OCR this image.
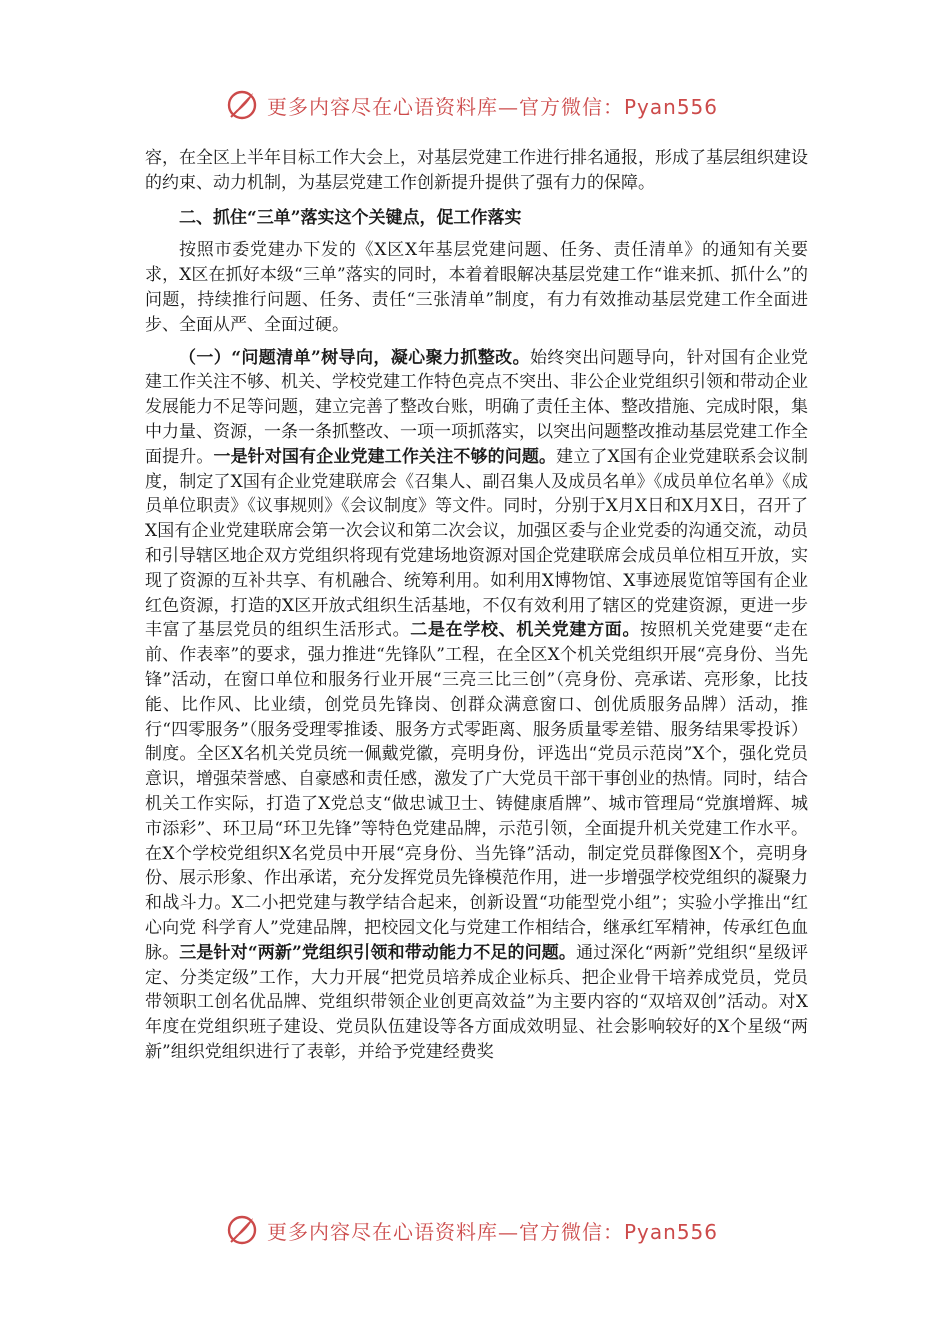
更多内容尽在心语资料库—官方微信：Pyan556

容，在全区上半年目标工作大会上，对基层党建工作进行排名通报，形成了基层组织建设的约束、动力机制，为基层党建工作创新提升提供了强有力的保障。

二、抓住“三单”落实这个关键点，促工作落实

按照市委党建办下发的《X区X年基层党建问题、任务、责任清单》的通知有关要求，X区在抓好本级“三单”落实的同时，本着着眼解决基层党建工作“谁来抓、抓什么”的问题，持续推行问题、任务、责任“三张清单”制度，有力有效推动基层党建工作全面进步、全面从严、全面过硬。

（一）“问题清单”树导向，凝心聚力抓整改。始终突出问题导向，针对国有企业党建工作关注不够、机关、学校党建工作特色亮点不突出、非公企业党组织引领和带动企业发展能力不足等问题，建立完善了整改台账，明确了责任主体、整改措施、完成时限，集中力量、资源，一条一条抓整改、一项一项抓落实，以突出问题整改推动基层党建工作全面提升。一是针对国有企业党建工作关注不够的问题。建立了X国有企业党建联系会议制度，制定了X国有企业党建联席会《召集人、副召集人及成员名单》《成员单位名单》《成员单位职责》《议事规则》《会议制度》等文件。同时，分别于X月X日和X月X日，召开了X国有企业党建联席会第一次会议和第二次会议，加强区委与企业党委的沟通交流，动员和引导辖区地企双方党组织将现有党建场地资源对国企党建联席会成员单位相互开放，实现了资源的互补共享、有机融合、统筹利用。如利用X博物馆、X事迹展览馆等国有企业红色资源，打造的X区开放式组织生活基地，不仅有效利用了辖区的党建资源，更进一步丰富了基层党员的组织生活形式。二是在学校、机关党建方面。按照机关党建要“走在前、作表率”的要求，强力推进“先锋队”工程，在全区X个机关党组织开展“亮身份、当先锋”活动，在窗口单位和服务行业开展“三亮三比三创”（亮身份、亮承诺、亮形象，比技能、比作风、比业绩，创党员先锋岗、创群众满意窗口、创优质服务品牌）活动，推行“四零服务”（服务受理零推诿、服务方式零距离、服务质量零差错、服务结果零投诉）制度。全区X名机关党员统一佩戴党徽，亮明身份，评选出“党员示范岗”X个，强化党员意识，增强荣誉感、自豪感和责任感，激发了广大党员干部干事创业的热情。同时，结合机关工作实际，打造了X党总支“做忠诚卫士、铸健康盾牌”、城市管理局“党旗增辉、城市添彩”、环卫局“环卫先锋”等特色党建品牌，示范引领，全面提升机关党建工作水平。在X个学校党组织X名党员中开展“亮身份、当先锋”活动，制定党员群像图X个，亮明身份、展示形象、作出承诺，充分发挥党员先锋模范作用，进一步增强学校党组织的凝聚力和战斗力。X二小把党建与教学结合起来，创新设置“功能型党小组”；实验小学推出“红心向党 科学育人”党建品牌，把校园文化与党建工作相结合，继承红军精神，传承红色血脉。三是针对“两新”党组织引领和带动能力不足的问题。通过深化“两新”党组织“星级评定、分类定级”工作，大力开展“把党员培养成企业标兵、把企业骨干培养成党员，党员带领职工创名优品牌、党组织带领企业创更高效益”为主要内容的“双培双创”活动。对X年度在党组织班子建设、党员队伍建设等各方面成效明显、社会影响较好的X个星级“两新”组织党组织进行了表彰，并给予党建经费奖

更多内容尽在心语资料库—官方微信：Pyan556
